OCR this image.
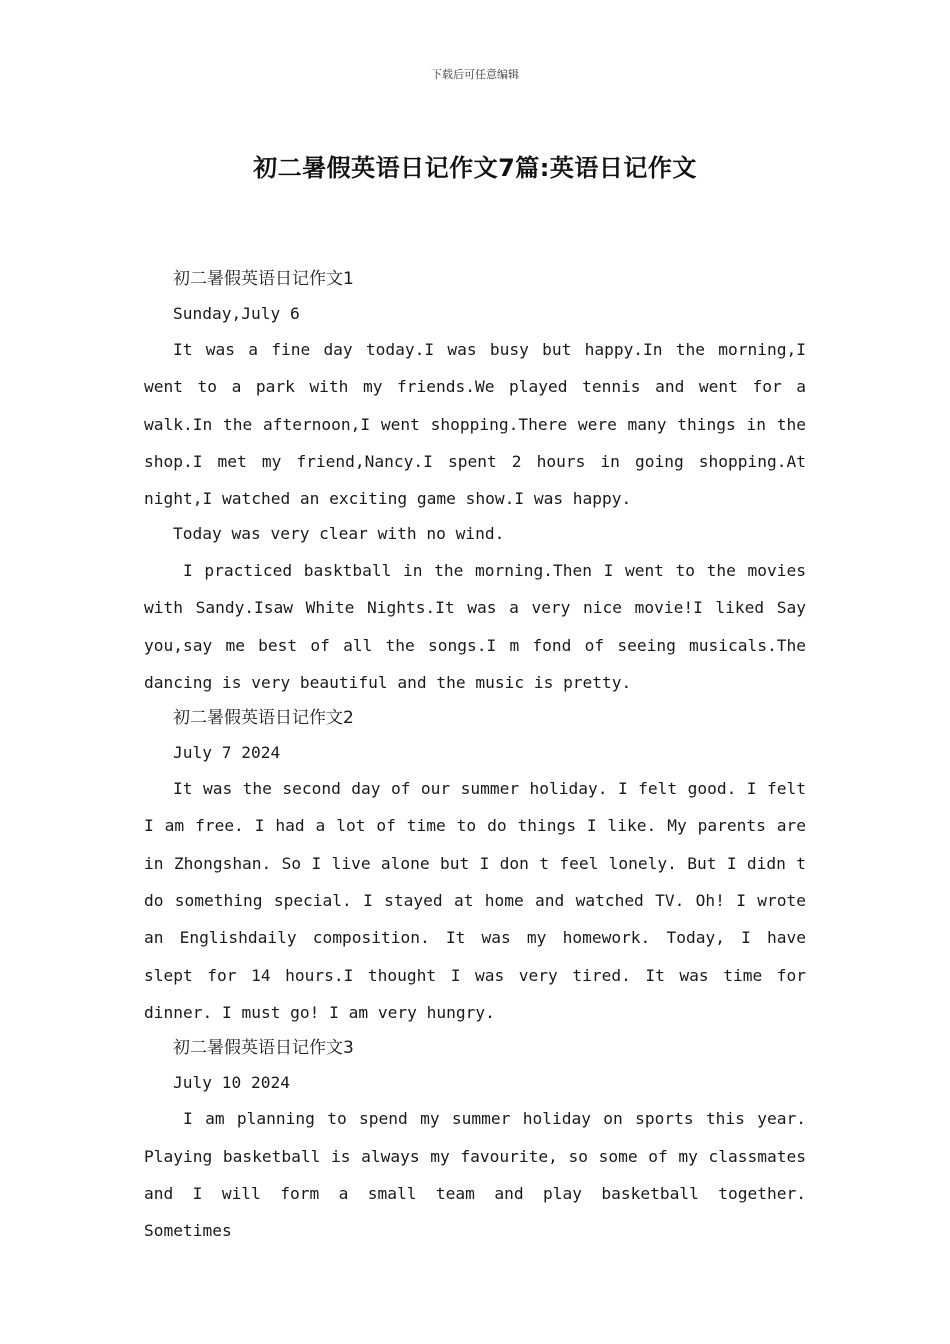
下载后可任意编辑
初二暑假英语日记作文7篇:英语日记作文

初二暑假英语日记作文1

Sunday,July 6

It was a fine day today.I was busy but happy.In the morning,I went to a park with my friends.We played tennis and went for a walk.In the afternoon,I went shopping.There were many things in the shop.I met my friend,Nancy.I spent 2 hours in going shopping.At night,I watched an exciting game show.I was happy.

Today was very clear with no wind.

I practiced basktball in the morning.Then I went to the movies with Sandy.Isaw White Nights.It was a very nice movie!I liked Say you,say me best of all the songs.I m fond of seeing musicals.The dancing is very beautiful and the music is pretty.

初二暑假英语日记作文2

July 7 2024

It was the second day of our summer holiday. I felt good. I felt I am free. I had a lot of time to do things I like. My parents are in Zhongshan. So I live alone but I don t feel lonely. But I didn t do something special. I stayed at home and watched TV. Oh! I wrote an Englishdaily composition. It was my homework. Today, I have slept for 14 hours.I thought I was very tired. It was time for dinner. I must go! I am very hungry.

初二暑假英语日记作文3

July 10 2024

I am planning to spend my summer holiday on sports this year. Playing basketball is always my favourite, so some of my classmates and I will form a small team and play basketball together. Sometimes
